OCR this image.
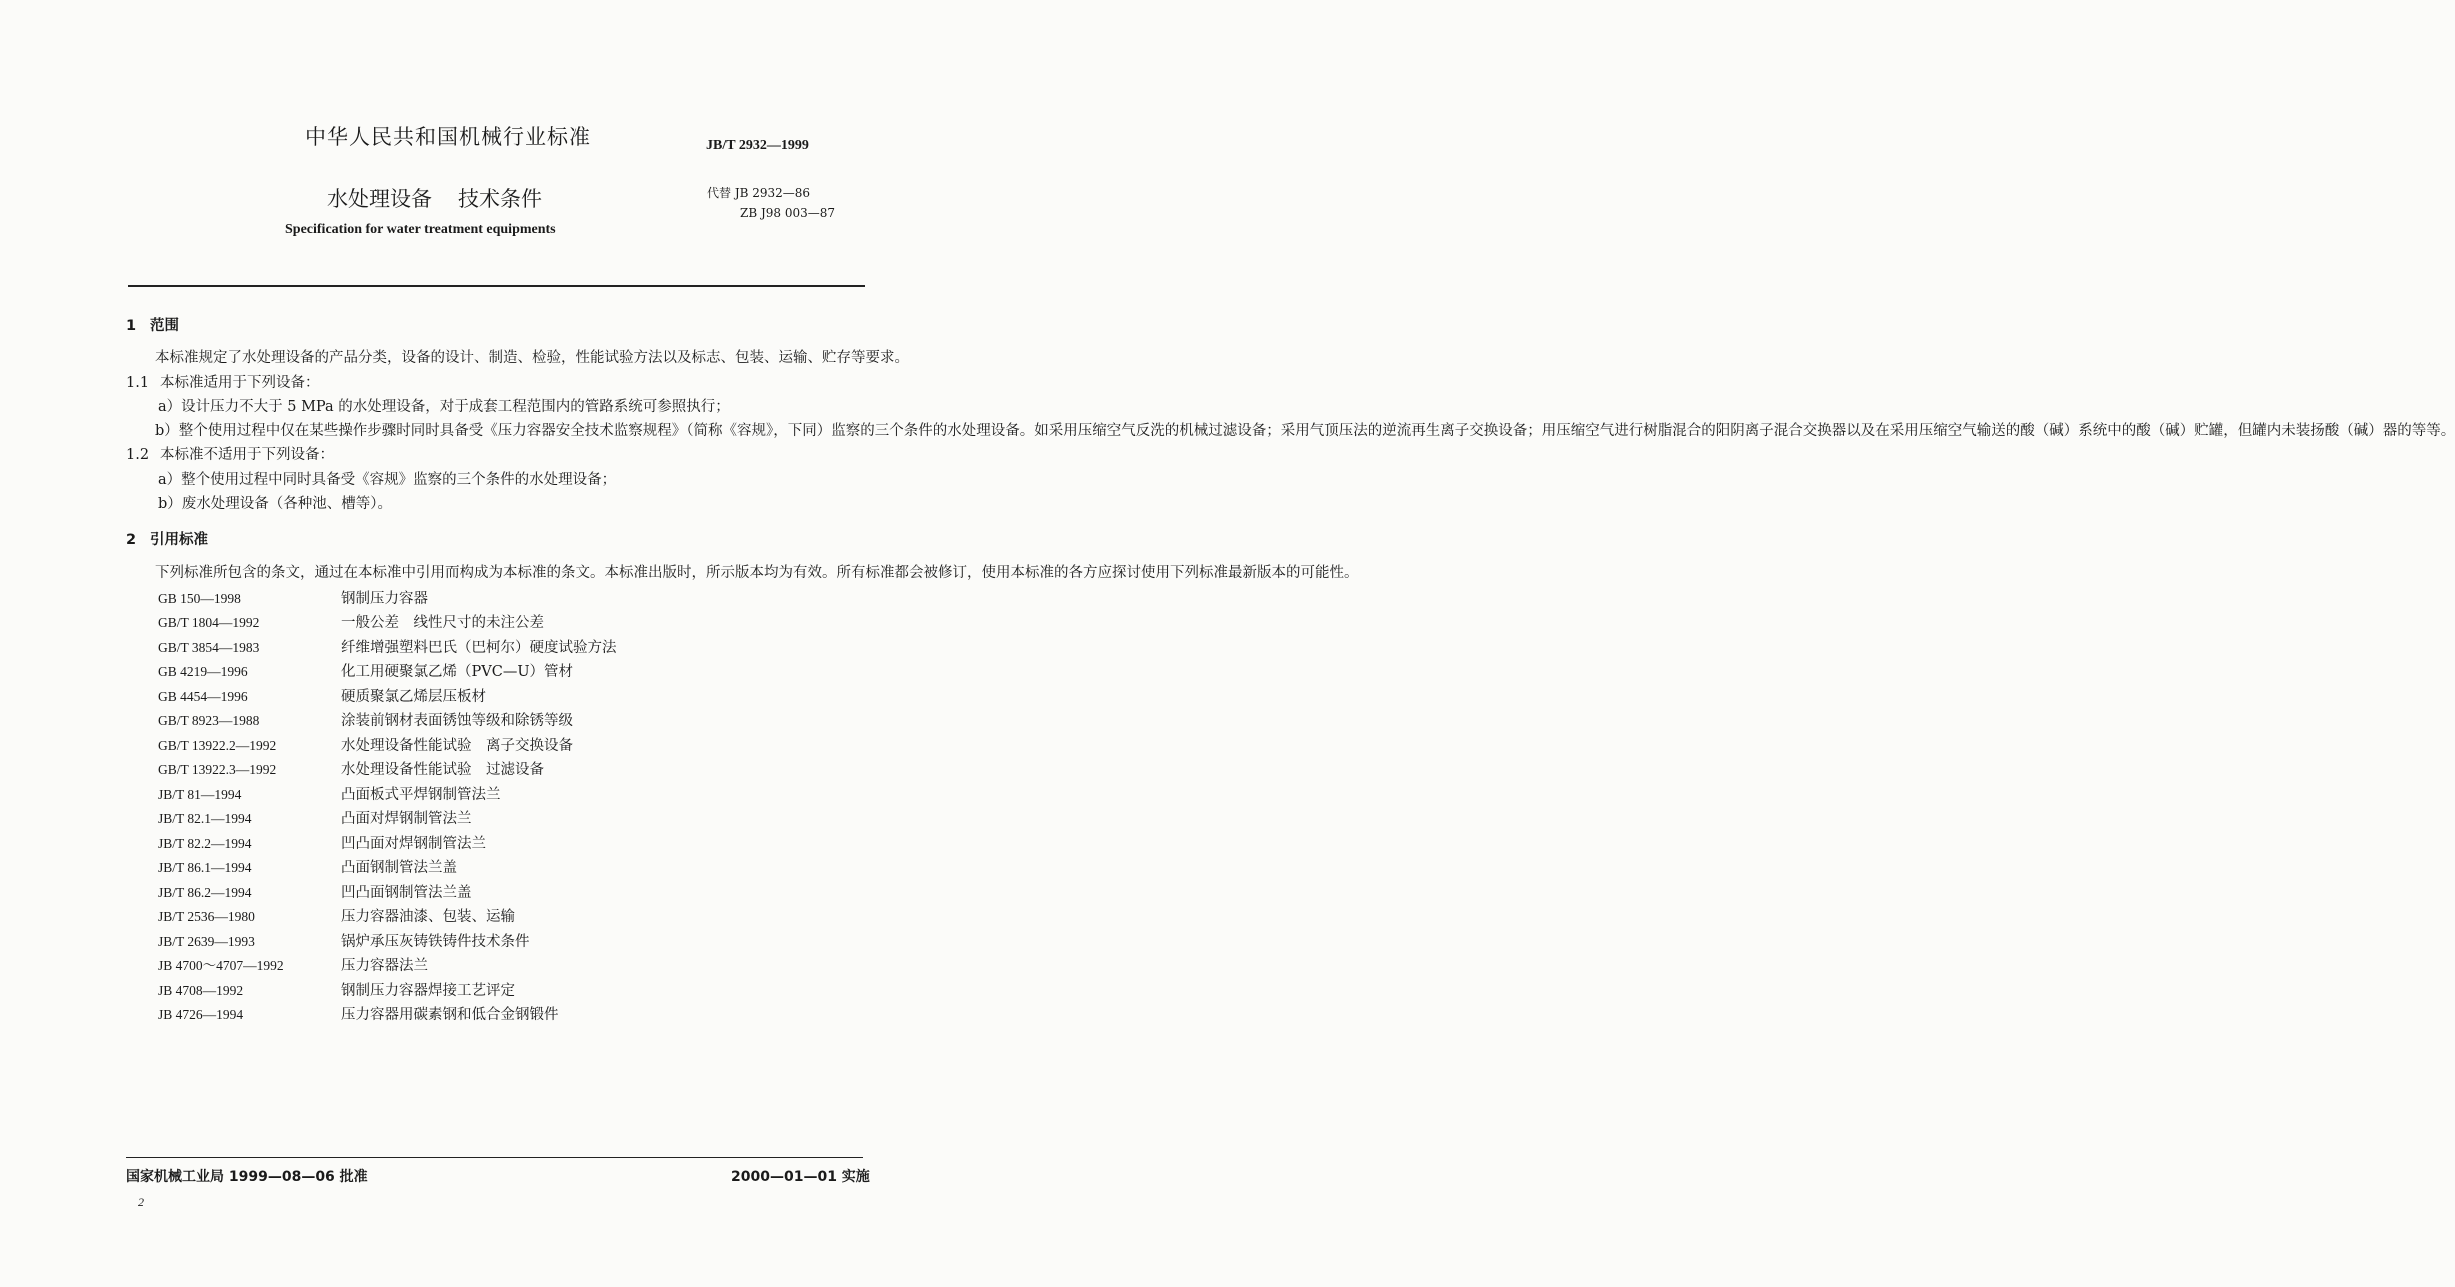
中华人民共和国机械行业标准	JB/T 2932—1999
水处理设备 技术条件	代替 JB 2932—86
ZB J98 003—87
Specification for water treatment equipments
1 范围
本标准规定了水处理设备的产品分类，设备的设计、制造、检验，性能试验方法以及标志、包装、运输、贮存等要求。
1.1 本标准适用于下列设备：
a）设计压力不大于 5 MPa 的水处理设备，对于成套工程范围内的管路系统可参照执行；
b）整个使用过程中仅在某些操作步骤时同时具备受《压力容器安全技术监察规程》（简称《容规》，下同）监察的三个条件的水处理设备。如采用压缩空气反洗的机械过滤设备；采用气顶压法的逆流再生离子交换设备；用压缩空气进行树脂混合的阳阴离子混合交换器以及在采用压缩空气输送的酸（碱）系统中的酸（碱）贮罐，但罐内未装扬酸（碱）器的等等。
1.2 本标准不适用于下列设备：
a）整个使用过程中同时具备受《容规》监察的三个条件的水处理设备；
b）废水处理设备（各种池、槽等）。
2 引用标准
下列标准所包含的条文，通过在本标准中引用而构成为本标准的条文。本标准出版时，所示版本均为有效。所有标准都会被修订，使用本标准的各方应探讨使用下列标准最新版本的可能性。
GB 150—1998	钢制压力容器
GB/T 1804—1992	一般公差　线性尺寸的未注公差
GB/T 3854—1983	纤维增强塑料巴氏（巴柯尔）硬度试验方法
GB 4219—1996	化工用硬聚氯乙烯（PVC—U）管材
GB 4454—1996	硬质聚氯乙烯层压板材
GB/T 8923—1988	涂装前钢材表面锈蚀等级和除锈等级
GB/T 13922.2—1992	水处理设备性能试验　离子交换设备
GB/T 13922.3—1992	水处理设备性能试验　过滤设备
JB/T 81—1994	凸面板式平焊钢制管法兰
JB/T 82.1—1994	凸面对焊钢制管法兰
JB/T 82.2—1994	凹凸面对焊钢制管法兰
JB/T 86.1—1994	凸面钢制管法兰盖
JB/T 86.2—1994	凹凸面钢制管法兰盖
JB/T 2536—1980	压力容器油漆、包装、运输
JB/T 2639—1993	锅炉承压灰铸铁铸件技术条件
JB 4700～4707—1992	压力容器法兰
JB 4708—1992	钢制压力容器焊接工艺评定
JB 4726—1994	压力容器用碳素钢和低合金钢锻件
国家机械工业局 1999—08—06 批准	2000—01—01 实施
2
